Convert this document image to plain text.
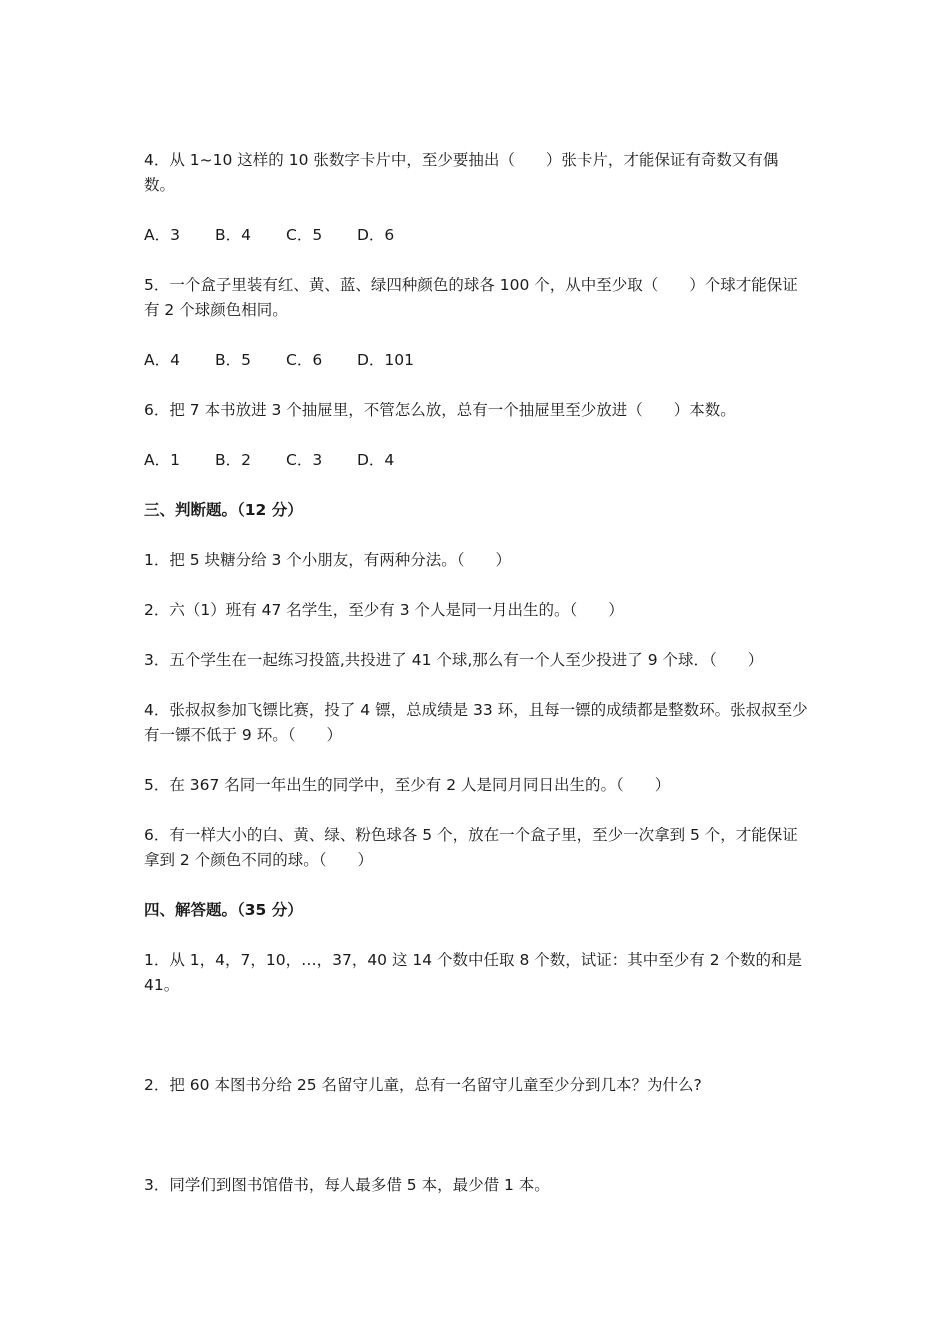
4．从 1~10 这样的 10 张数字卡片中，至少要抽出（　　）张卡片，才能保证有奇数又有偶数。

A．3	B．4	C．5	D．6

5．一个盒子里装有红、黄、蓝、绿四种颜色的球各 100 个，从中至少取（　　）个球才能保证有 2 个球颜色相同。

A．4	B．5	C．6	D．101

6．把 7 本书放进 3 个抽屉里，不管怎么放，总有一个抽屉里至少放进（　　）本数。

A．1	B．2	C．3	D．4

三、判断题。（12 分）

1．把 5 块糖分给 3 个小朋友，有两种分法。（　　）

2．六（1）班有 47 名学生，至少有 3 个人是同一月出生的。（　　）

3．五个学生在一起练习投篮,共投进了 41 个球,那么有一个人至少投进了 9 个球．（　　）

4．张叔叔参加飞镖比赛，投了 4 镖，总成绩是 33 环，且每一镖的成绩都是整数环。张叔叔至少有一镖不低于 9 环。（　　）

5．在 367 名同一年出生的同学中，至少有 2 人是同月同日出生的。（　　）

6．有一样大小的白、黄、绿、粉色球各 5 个，放在一个盒子里，至少一次拿到 5 个，才能保证拿到 2 个颜色不同的球。（　　）

四、解答题。（35 分）

1．从 1，4，7，10，…，37，40 这 14 个数中任取 8 个数，试证：其中至少有 2 个数的和是 41。

2．把 60 本图书分给 25 名留守儿童，总有一名留守儿童至少分到几本？为什么?

3．同学们到图书馆借书，每人最多借 5 本，最少借 1 本。
